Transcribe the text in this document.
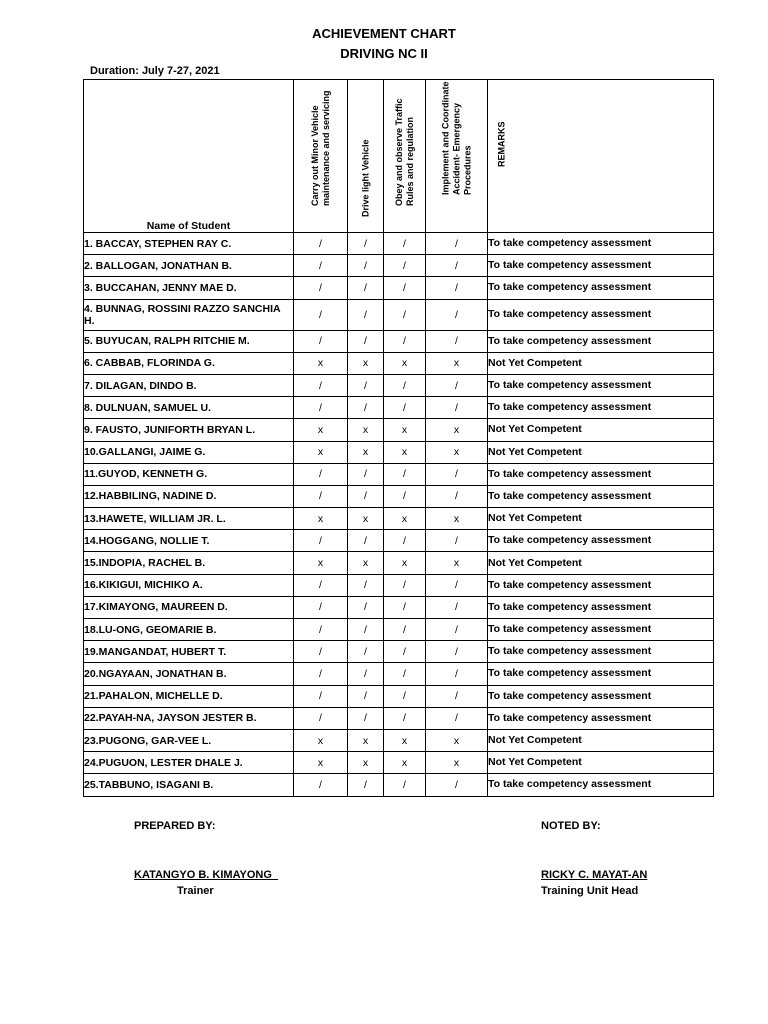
ACHIEVEMENT CHART
DRIVING NC II
Duration: July 7-27, 2021
Name of Student	Carry out Minor Vehicle maintenance and servicing	Drive light Vehicle	Obey and observe Traffic Rules and regulation	Implement and Coordinate Accident- Emergency Procedures	REMARKS

1. BACCAY, STEPHEN RAY C.	/	/	/	/	To take competency assessment
2. BALLOGAN, JONATHAN B.	/	/	/	/	To take competency assessment
3. BUCCAHAN, JENNY MAE D.	/	/	/	/	To take competency assessment
4. BUNNAG, ROSSINI RAZZO SANCHIA H.	/	/	/	/	To take competency assessment
5. BUYUCAN, RALPH RITCHIE M.	/	/	/	/	To take competency assessment
6. CABBAB, FLORINDA G.	x	x	x	x	Not Yet Competent
7. DILAGAN, DINDO B.	/	/	/	/	To take competency assessment
8. DULNUAN, SAMUEL U.	/	/	/	/	To take competency assessment
9. FAUSTO, JUNIFORTH BRYAN L.	x	x	x	x	Not Yet Competent
10.GALLANGI, JAIME G.	x	x	x	x	Not Yet Competent
11.GUYOD, KENNETH G.	/	/	/	/	To take competency assessment
12.HABBILING, NADINE D.	/	/	/	/	To take competency assessment
13.HAWETE, WILLIAM JR. L.	x	x	x	x	Not Yet Competent
14.HOGGANG, NOLLIE T.	/	/	/	/	To take competency assessment
15.INDOPIA, RACHEL B.	x	x	x	x	Not Yet Competent
16.KIKIGUI, MICHIKO A.	/	/	/	/	To take competency assessment
17.KIMAYONG, MAUREEN D.	/	/	/	/	To take competency assessment
18.LU-ONG, GEOMARIE B.	/	/	/	/	To take competency assessment
19.MANGANDAT, HUBERT T.	/	/	/	/	To take competency assessment
20.NGAYAAN, JONATHAN B.	/	/	/	/	To take competency assessment
21.PAHALON, MICHELLE D.	/	/	/	/	To take competency assessment
22.PAYAH-NA, JAYSON JESTER B.	/	/	/	/	To take competency assessment
23.PUGONG, GAR-VEE L.	x	x	x	x	Not Yet Competent
24.PUGUON, LESTER DHALE J.	x	x	x	x	Not Yet Competent
25.TABBUNO, ISAGANI B.	/	/	/	/	To take competency assessment
PREPARED BY:	NOTED BY:
KATANGYO B. KIMAYONG
Trainer
RICKY C. MAYAT-AN
Training Unit Head
